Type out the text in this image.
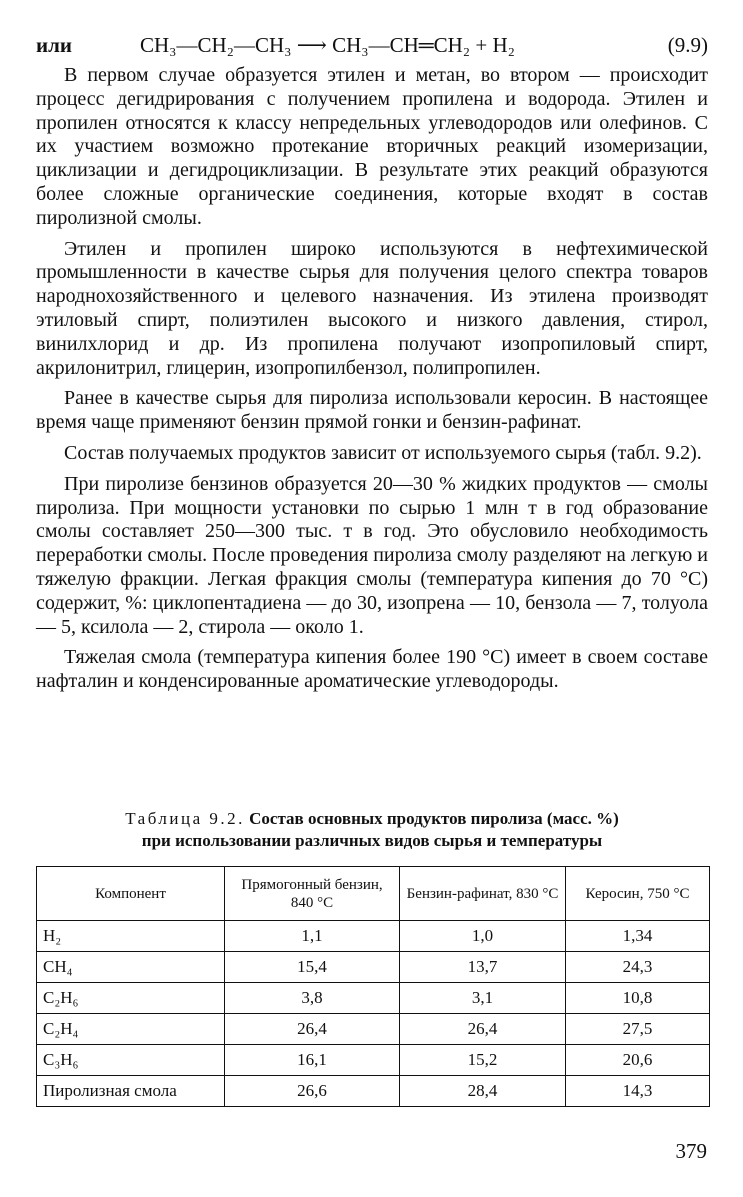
или	CH₃—CH₂—CH₃ ⟶ CH₃—CH═CH₂ + H₂	(9.9)

В первом случае образуется этилен и метан, во втором — происходит процесс дегидрирования с получением пропилена и водорода. Этилен и пропилен относятся к классу непредельных углеводородов или олефинов. С их участием возможно протекание вторичных реакций изомеризации, циклизации и дегидроциклизации. В результате этих реакций образуются более сложные органические соединения, которые входят в состав пиролизной смолы.

Этилен и пропилен широко используются в нефтехимической промышленности в качестве сырья для получения целого спектра товаров народнохозяйственного и целевого назначения. Из этилена производят этиловый спирт, полиэтилен высокого и низкого давления, стирол, винилхлорид и др. Из пропилена получают изопропиловый спирт, акрилонитрил, глицерин, изопропилбензол, полипропилен.

Ранее в качестве сырья для пиролиза использовали керосин. В настоящее время чаще применяют бензин прямой гонки и бензин-рафинат.

Состав получаемых продуктов зависит от используемого сырья (табл. 9.2).

При пиролизе бензинов образуется 20—30 % жидких продуктов — смолы пиролиза. При мощности установки по сырью 1 млн т в год образование смолы составляет 250—300 тыс. т в год. Это обусловило необходимость переработки смолы. После проведения пиролиза смолу разделяют на легкую и тяжелую фракции. Легкая фракция смолы (температура кипения до 70 °С) содержит, %: циклопентадиена — до 30, изопрена — 10, бензола — 7, толуола — 5, ксилола — 2, стирола — около 1.

Тяжелая смола (температура кипения более 190 °С) имеет в своем составе нафталин и конденсированные ароматические углеводороды.

Таблица 9.2. Состав основных продуктов пиролиза (масс. %)
при использовании различных видов сырья и температуры
Компонент	Прямогонный бензин, 840 °С	Бензин-рафинат, 830 °С	Керосин, 750 °С
H₂	1,1	1,0	1,34
CH₄	15,4	13,7	24,3
C₂H₆	3,8	3,1	10,8
C₂H₄	26,4	26,4	27,5
C₃H₆	16,1	15,2	20,6
Пиролизная смола	26,6	28,4	14,3
379
